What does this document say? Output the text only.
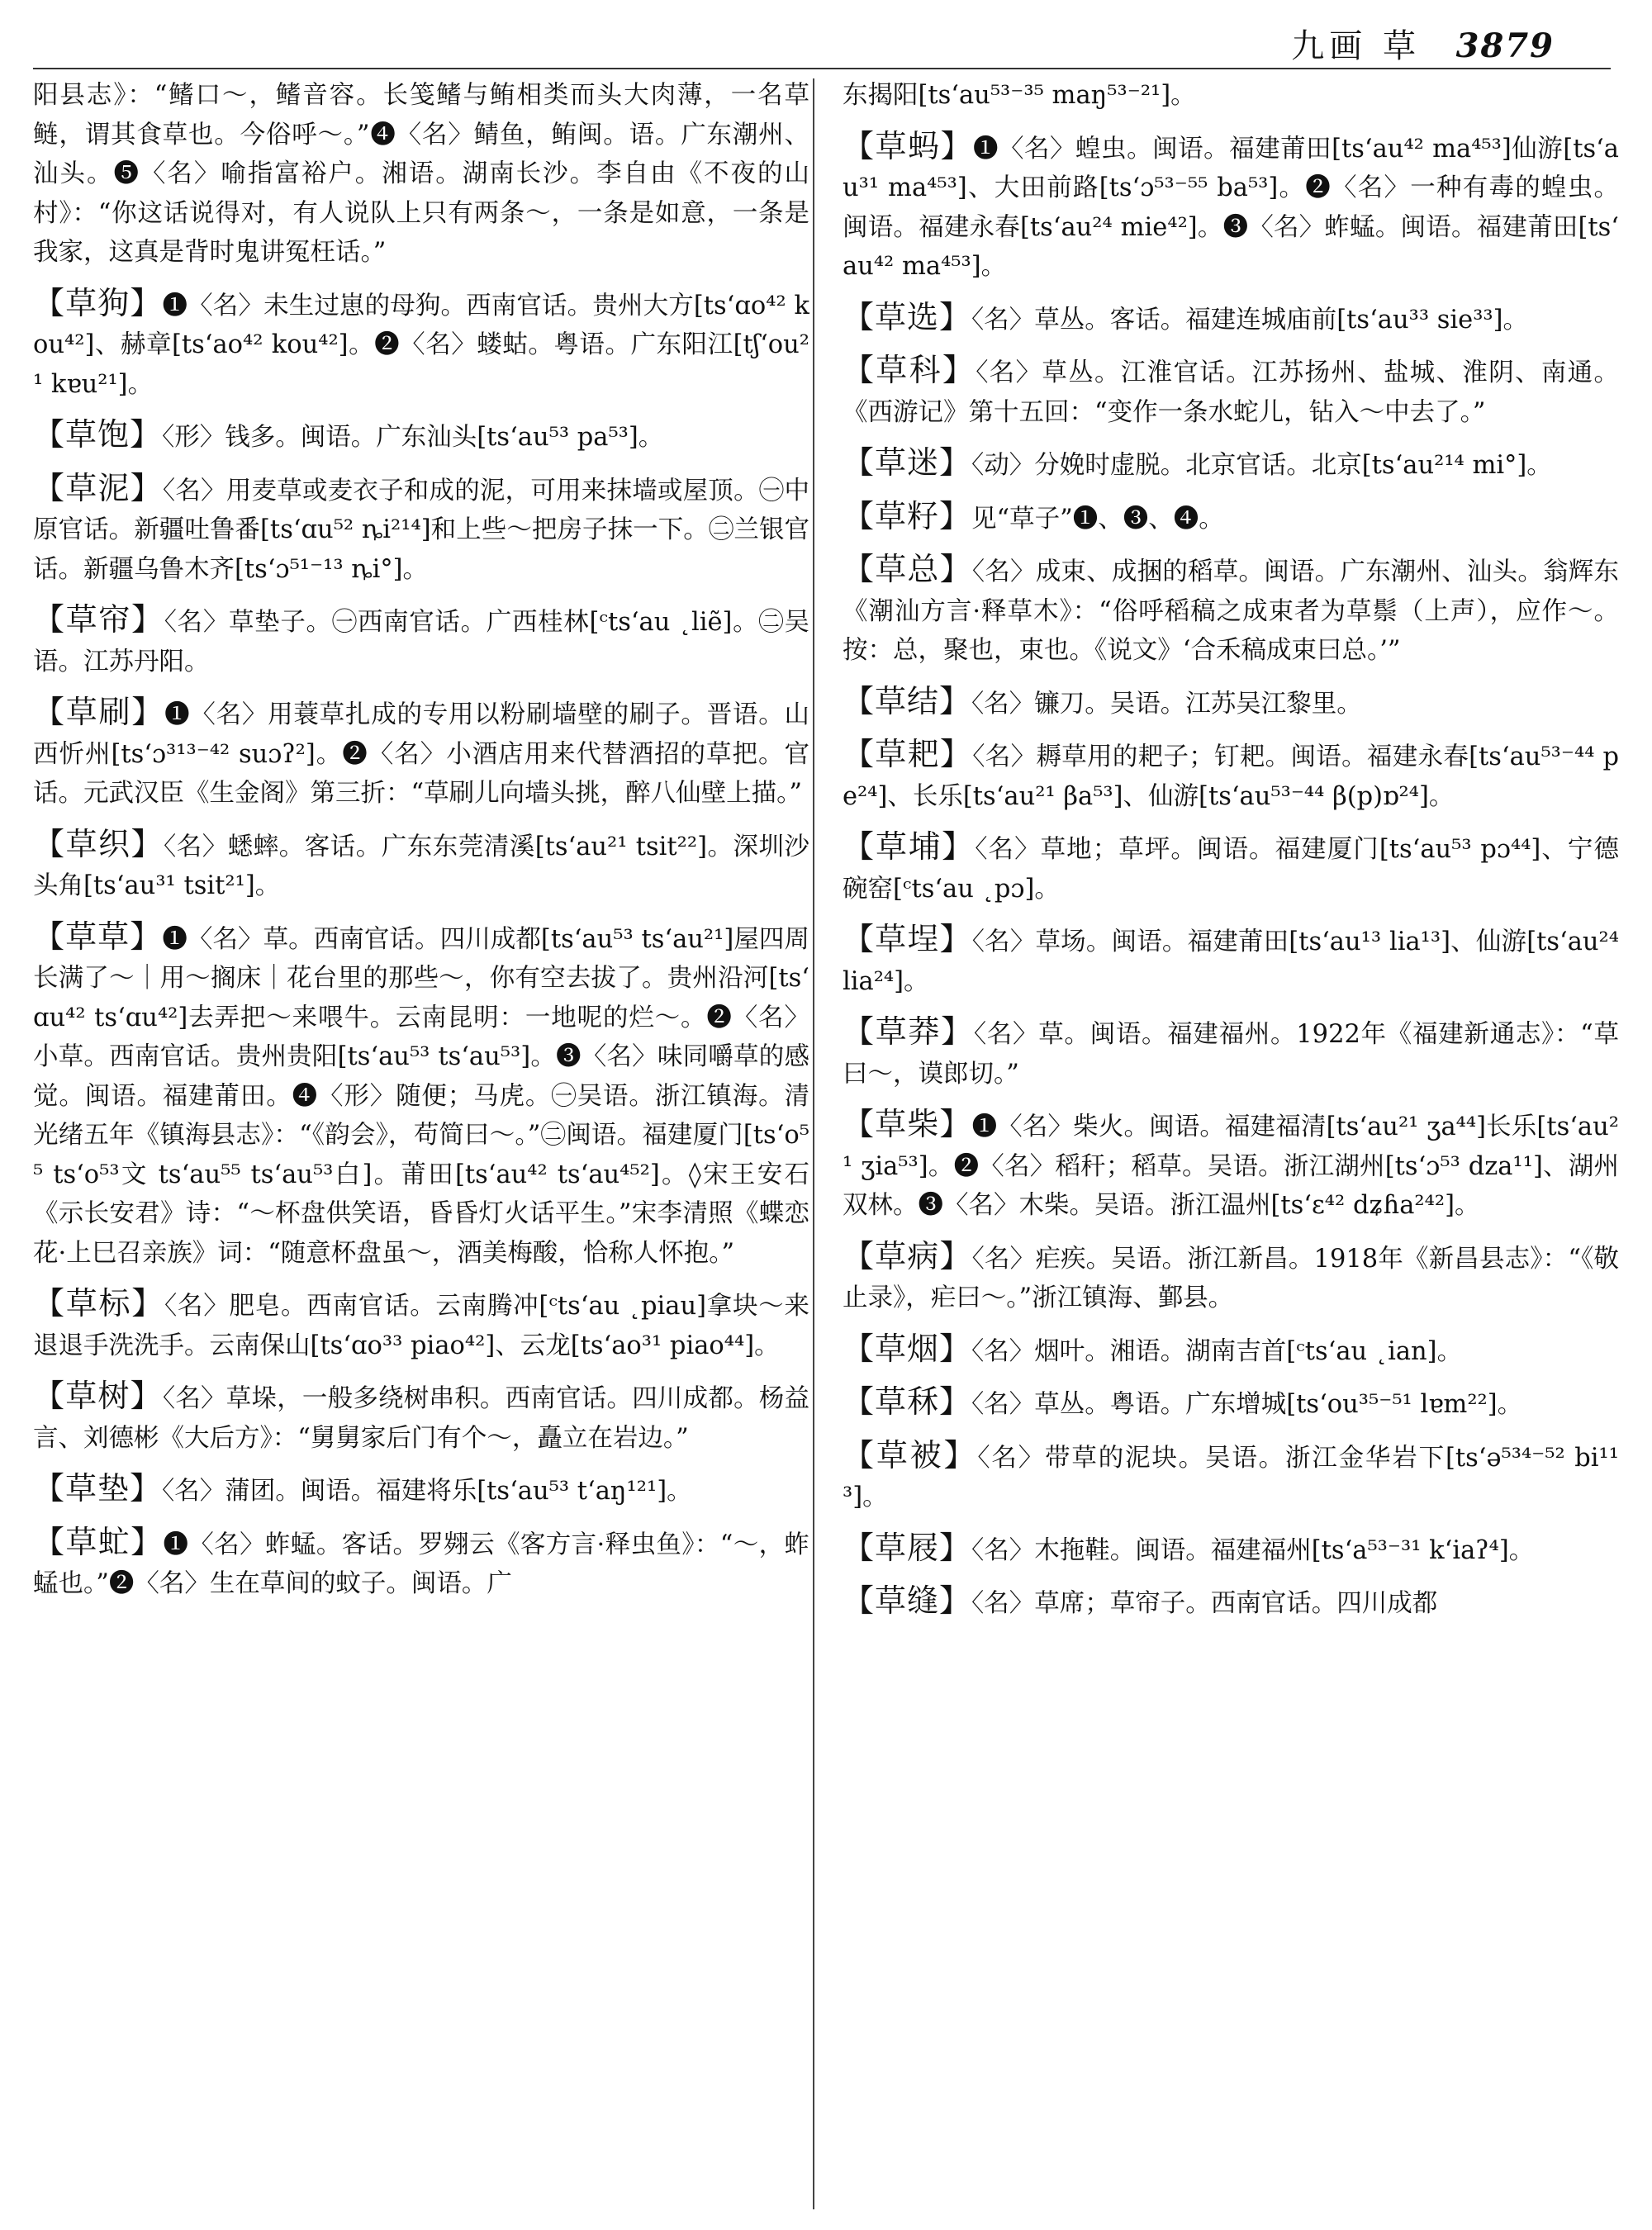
九画 草 3879

阳县志》：“鳍口～，鳍音容。长笺鳍与鲔相类而头大肉薄，一名草鲢，谓其食草也。今俗呼～。”❹〈名〉鲭鱼，鲔闽。语。广东潮州、汕头。❺〈名〉喻指富裕户。湘语。湖南长沙。李自由《不夜的山村》：“你这话说得对，有人说队上只有两条～，一条是如意，一条是我家，这真是背时鬼讲冤枉话。”

【草狗】❶〈名〉未生过崽的母狗。西南官话。贵州大方[tsʻɑo⁴² kou⁴²]、赫章[tsʻao⁴² kou⁴²]。❷〈名〉蝼蛄。粤语。广东阳江[tʃʻou²¹ kɐu²¹]。

【草饱】〈形〉钱多。闽语。广东汕头[tsʻau⁵³ pa⁵³]。

【草泥】〈名〉用麦草或麦衣子和成的泥，可用来抹墙或屋顶。㊀中原官话。新疆吐鲁番[tsʻɑu⁵² ȵi²¹⁴]和上些～把房子抹一下。㊁兰银官话。新疆乌鲁木齐[tsʻɔ⁵¹⁻¹³ ȵi°]。

【草帘】〈名〉草垫子。㊀西南官话。广西桂林[ᶜtsʻau ˛liẽ]。㊁吴语。江苏丹阳。

【草刷】❶〈名〉用蓑草扎成的专用以粉刷墙壁的刷子。晋语。山西忻州[tsʻɔ³¹³⁻⁴² suɔʔ²]。❷〈名〉小酒店用来代替酒招的草把。官话。元武汉臣《生金阁》第三折：“草刷儿向墙头挑，醉八仙壁上描。”

【草织】〈名〉蟋蟀。客话。广东东莞清溪[tsʻau²¹ tsit²²]。深圳沙头角[tsʻau³¹ tsit²¹]。

【草草】❶〈名〉草。西南官话。四川成都[tsʻau⁵³ tsʻau²¹]屋四周长满了～｜用～搁床｜花台里的那些～，你有空去拔了。贵州沿河[tsʻɑu⁴² tsʻɑu⁴²]去弄把～来喂牛。云南昆明：一地呢的烂～。❷〈名〉小草。西南官话。贵州贵阳[tsʻau⁵³ tsʻau⁵³]。❸〈名〉味同嚼草的感觉。闽语。福建莆田。❹〈形〉随便；马虎。㊀吴语。浙江镇海。清光绪五年《镇海县志》：“《韵会》，苟简曰～。”㊁闽语。福建厦门[tsʻo⁵⁵ tsʻo⁵³文 tsʻau⁵⁵ tsʻau⁵³白]。莆田[tsʻau⁴² tsʻau⁴⁵²]。◊宋王安石《示长安君》诗：“～杯盘供笑语，昏昏灯火话平生。”宋李清照《蝶恋花·上巳召亲族》词：“随意杯盘虽～，酒美梅酸，恰称人怀抱。”

【草标】〈名〉肥皂。西南官话。云南腾冲[ᶜtsʻau ˛piau]拿块～来退退手洗洗手。云南保山[tsʻɑo³³ piao⁴²]、云龙[tsʻao³¹ piao⁴⁴]。

【草树】〈名〉草垛，一般多绕树串积。西南官话。四川成都。杨益言、刘德彬《大后方》：“舅舅家后门有个～，矗立在岩边。”

【草垫】〈名〉蒲团。闽语。福建将乐[tsʻau⁵³ tʻaŋ¹²¹]。

【草虻】❶〈名〉蚱蜢。客话。罗翙云《客方言·释虫鱼》：“～，蚱蜢也。”❷〈名〉生在草间的蚊子。闽语。广

东揭阳[tsʻau⁵³⁻³⁵ maŋ⁵³⁻²¹]。

【草蚂】❶〈名〉蝗虫。闽语。福建莆田[tsʻau⁴² ma⁴⁵³]仙游[tsʻau³¹ ma⁴⁵³]、大田前路[tsʻɔ⁵³⁻⁵⁵ ba⁵³]。❷〈名〉一种有毒的蝗虫。闽语。福建永春[tsʻau²⁴ mie⁴²]。❸〈名〉蚱蜢。闽语。福建莆田[tsʻau⁴² ma⁴⁵³]。

【草选】〈名〉草丛。客话。福建连城庙前[tsʻau³³ sie³³]。

【草科】〈名〉草丛。江淮官话。江苏扬州、盐城、淮阴、南通。《西游记》第十五回：“变作一条水蛇儿，钻入～中去了。”

【草迷】〈动〉分娩时虚脱。北京官话。北京[tsʻau²¹⁴ mi°]。

【草籽】见“草子”❶、❸、❹。

【草总】〈名〉成束、成捆的稻草。闽语。广东潮州、汕头。翁辉东《潮汕方言·释草木》：“俗呼稻稿之成束者为草鬃（上声），应作～。按：总，聚也，束也。《说文》‘合禾稿成束曰总。’”

【草结】〈名〉镰刀。吴语。江苏吴江黎里。

【草耙】〈名〉耨草用的耙子；钉耙。闽语。福建永春[tsʻau⁵³⁻⁴⁴ pe²⁴]、长乐[tsʻau²¹ βa⁵³]、仙游[tsʻau⁵³⁻⁴⁴ β(p)ɒ²⁴]。

【草埔】〈名〉草地；草坪。闽语。福建厦门[tsʻau⁵³ pɔ⁴⁴]、宁德碗窑[ᶜtsʻau ˛pɔ]。

【草埕】〈名〉草场。闽语。福建莆田[tsʻau¹³ lia¹³]、仙游[tsʻau²⁴ lia²⁴]。

【草莽】〈名〉草。闽语。福建福州。1922年《福建新通志》：“草曰～，谟郎切。”

【草柴】❶〈名〉柴火。闽语。福建福清[tsʻau²¹ ʒa⁴⁴]长乐[tsʻau²¹ ʒia⁵³]。❷〈名〉稻秆；稻草。吴语。浙江湖州[tsʻɔ⁵³ dza¹¹]、湖州双林。❸〈名〉木柴。吴语。浙江温州[tsʻɛ⁴² dʑɦa²⁴²]。

【草病】〈名〉疟疾。吴语。浙江新昌。1918年《新昌县志》：“《敬止录》，疟曰～。”浙江镇海、鄞县。

【草烟】〈名〉烟叶。湘语。湖南吉首[ᶜtsʻau ˛ian]。

【草秝】〈名〉草丛。粤语。广东增城[tsʻou³⁵⁻⁵¹ lɐm²²]。

【草被】〈名〉带草的泥块。吴语。浙江金华岩下[tsʻə⁵³⁴⁻⁵² bi¹¹³]。

【草屐】〈名〉木拖鞋。闽语。福建福州[tsʻa⁵³⁻³¹ kʻiaʔ⁴]。

【草缝】〈名〉草席；草帘子。西南官话。四川成都
